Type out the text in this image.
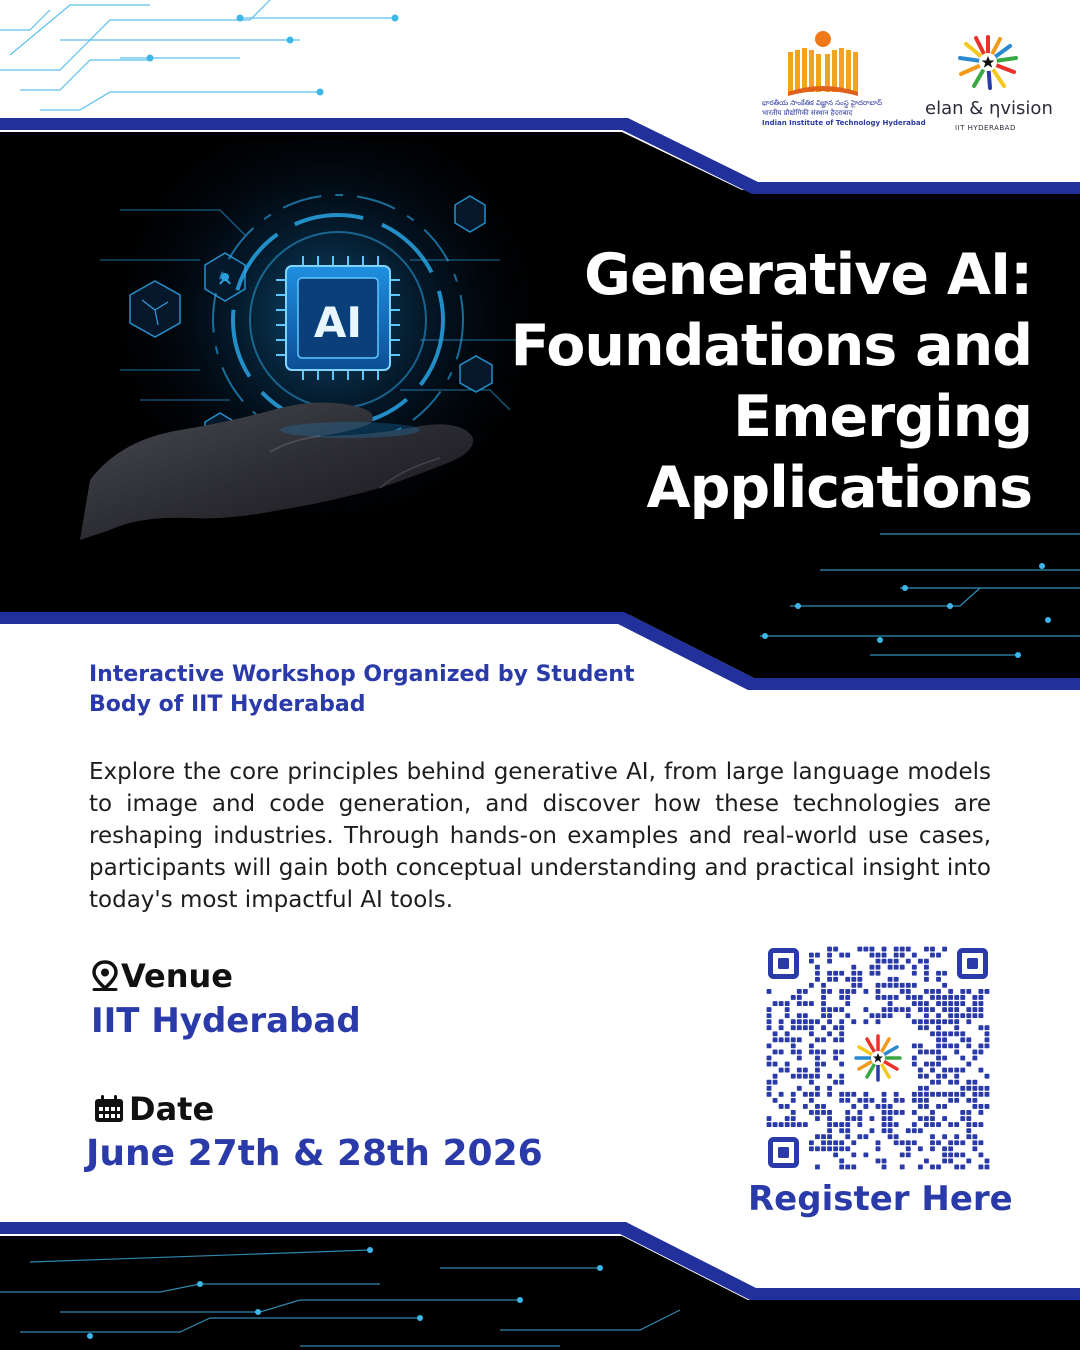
భారతీయ సాంకేతిక విజ్ఞాన సంస్థ హైదరాబాద్
भारतीय प्रौद्योगिकी संस्थान हैदराबाद
Indian Institute of Technology Hyderabad
elan & ηvision
IIT HYDERABAD
AI
Generative AI:
Foundations and
Emerging
Applications
Interactive Workshop Organized by Student
Body of IIT Hyderabad
Explore the core principles behind generative AI, from large language models to image and code generation, and discover how these technologies are reshaping industries. Through hands-on examples and real-world use cases, participants will gain both conceptual understanding and practical insight into today's most impactful AI tools.
Venue
IIT Hyderabad
Date
June 27th & 28th 2026
Register Here
